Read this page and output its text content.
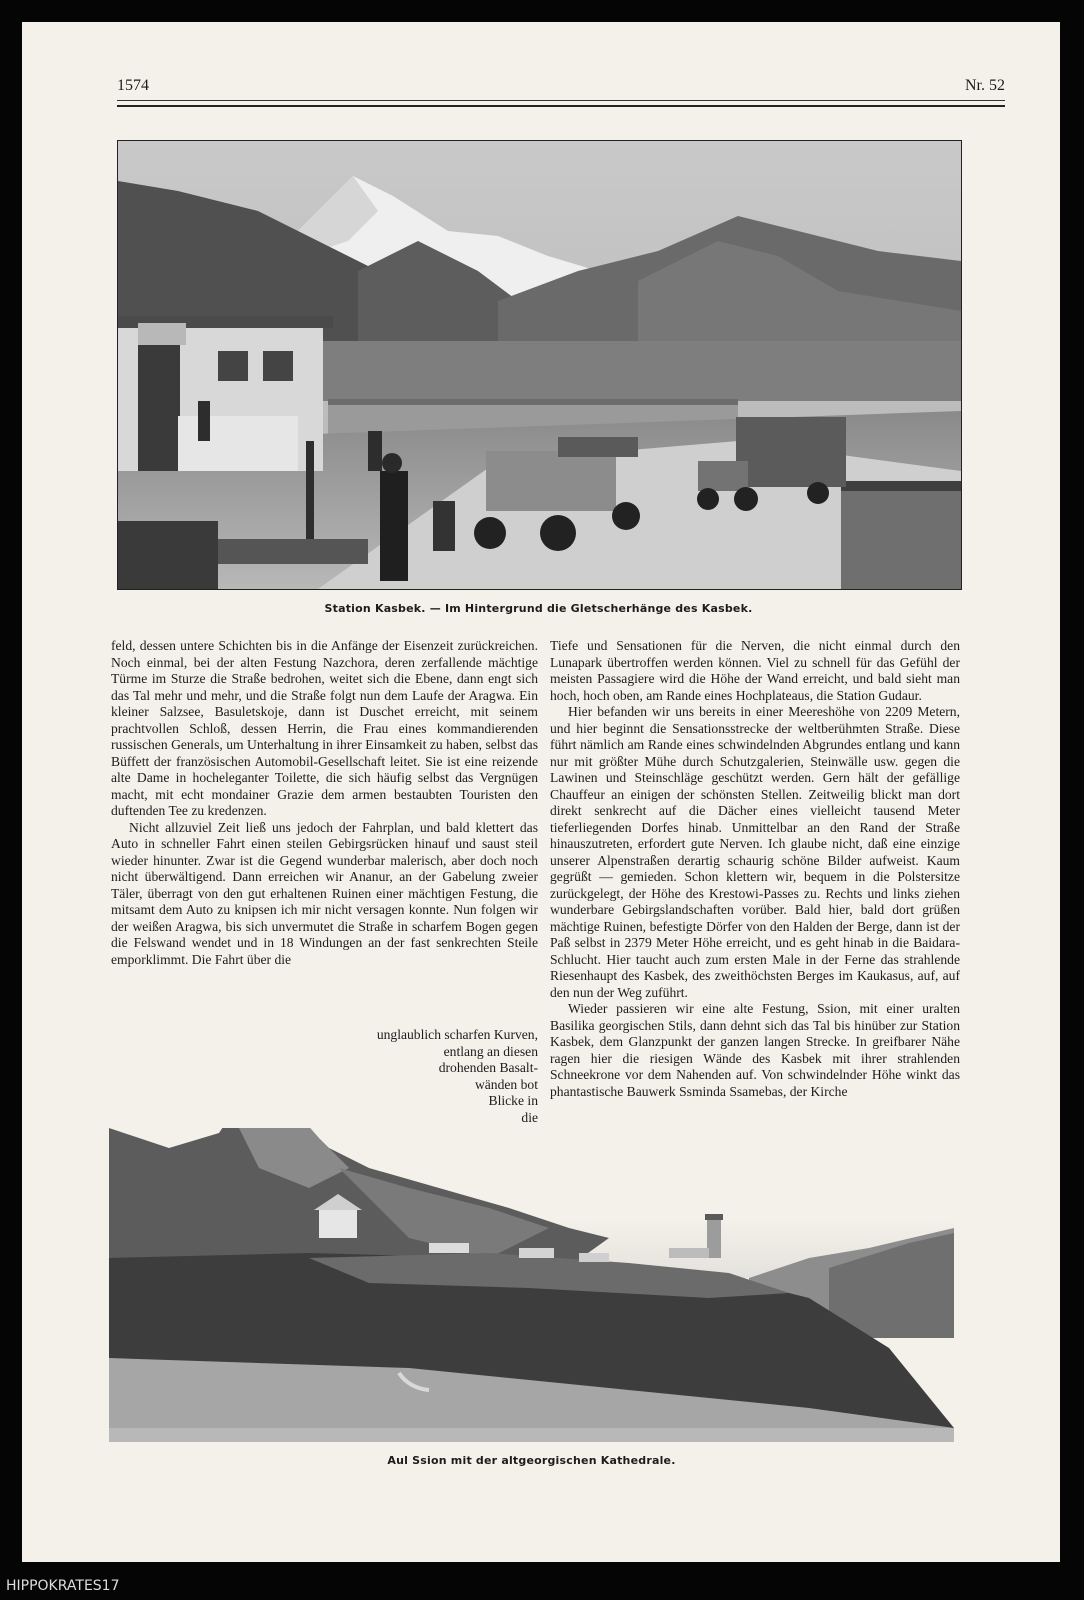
1574	Nr. 52
Station Kasbek. — Im Hintergrund die Gletscherhänge des Kasbek.

feld, dessen untere Schichten bis in die Anfänge der Eisenzeit zurückreichen. Noch einmal, bei der alten Festung Nazchora, deren zerfallende mächtige Türme im Sturze die Straße bedrohen, weitet sich die Ebene, dann engt sich das Tal mehr und mehr, und die Straße folgt nun dem Laufe der Aragwa. Ein kleiner Salzsee, Basuletskoje, dann ist Duschet erreicht, mit seinem prachtvollen Schloß, dessen Herrin, die Frau eines kommandierenden russischen Generals, um Unterhaltung in ihrer Einsamkeit zu haben, selbst das Büffett der französischen Automobil-Gesellschaft leitet. Sie ist eine reizende alte Dame in hocheleganter Toilette, die sich häufig selbst das Vergnügen macht, mit echt mondainer Grazie dem armen bestaubten Touristen den duftenden Tee zu kredenzen.

Nicht allzuviel Zeit ließ uns jedoch der Fahrplan, und bald klettert das Auto in schneller Fahrt einen steilen Gebirgsrücken hinauf und saust steil wieder hinunter. Zwar ist die Gegend wunderbar malerisch, aber doch noch nicht überwältigend. Dann erreichen wir Ananur, an der Gabelung zweier Täler, überragt von den gut erhaltenen Ruinen einer mächtigen Festung, die mitsamt dem Auto zu knipsen ich mir nicht versagen konnte. Nun folgen wir der weißen Aragwa, bis sich unvermutet die Straße in scharfem Bogen gegen die Felswand wendet und in 18 Windungen an der fast senkrechten Steile emporklimmt. Die Fahrt über die

unglaublich scharfen Kurven,
entlang an diesen
drohenden Basalt-
wänden bot
Blicke in
die

Tiefe und Sensationen für die Nerven, die nicht einmal durch den Lunapark übertroffen werden können. Viel zu schnell für das Gefühl der meisten Passagiere wird die Höhe der Wand erreicht, und bald sieht man hoch, hoch oben, am Rande eines Hochplateaus, die Station Gudaur.

Hier befanden wir uns bereits in einer Meereshöhe von 2209 Metern, und hier beginnt die Sensationsstrecke der weltberühmten Straße. Diese führt nämlich am Rande eines schwindelnden Abgrundes entlang und kann nur mit größter Mühe durch Schutzgalerien, Steinwälle usw. gegen die Lawinen und Steinschläge geschützt werden. Gern hält der gefällige Chauffeur an einigen der schönsten Stellen. Zeitweilig blickt man dort direkt senkrecht auf die Dächer eines vielleicht tausend Meter tieferliegenden Dorfes hinab. Unmittelbar an den Rand der Straße hinauszutreten, erfordert gute Nerven. Ich glaube nicht, daß eine einzige unserer Alpenstraßen derartig schaurig schöne Bilder aufweist. Kaum gegrüßt — gemieden. Schon klettern wir, bequem in die Polstersitze zurückgelegt, der Höhe des Krestowi-Passes zu. Rechts und links ziehen wunderbare Gebirgslandschaften vorüber. Bald hier, bald dort grüßen mächtige Ruinen, befestigte Dörfer von den Halden der Berge, dann ist der Paß selbst in 2379 Meter Höhe erreicht, und es geht hinab in die Baidara-Schlucht. Hier taucht auch zum ersten Male in der Ferne das strahlende Riesenhaupt des Kasbek, des zweithöchsten Berges im Kaukasus, auf, auf den nun der Weg zuführt.

Wieder passieren wir eine alte Festung, Ssion, mit einer uralten Basilika georgischen Stils, dann dehnt sich das Tal bis hinüber zur Station Kasbek, dem Glanzpunkt der ganzen langen Strecke. In greifbarer Nähe ragen hier die riesigen Wände des Kasbek mit ihrer strahlenden Schneekrone vor dem Nahenden auf. Von schwindelnder Höhe winkt das phantastische Bauwerk Ssminda Ssamebas, der Kirche

Aul Ssion mit der altgeorgischen Kathedrale.
HIPPOKRATES17
